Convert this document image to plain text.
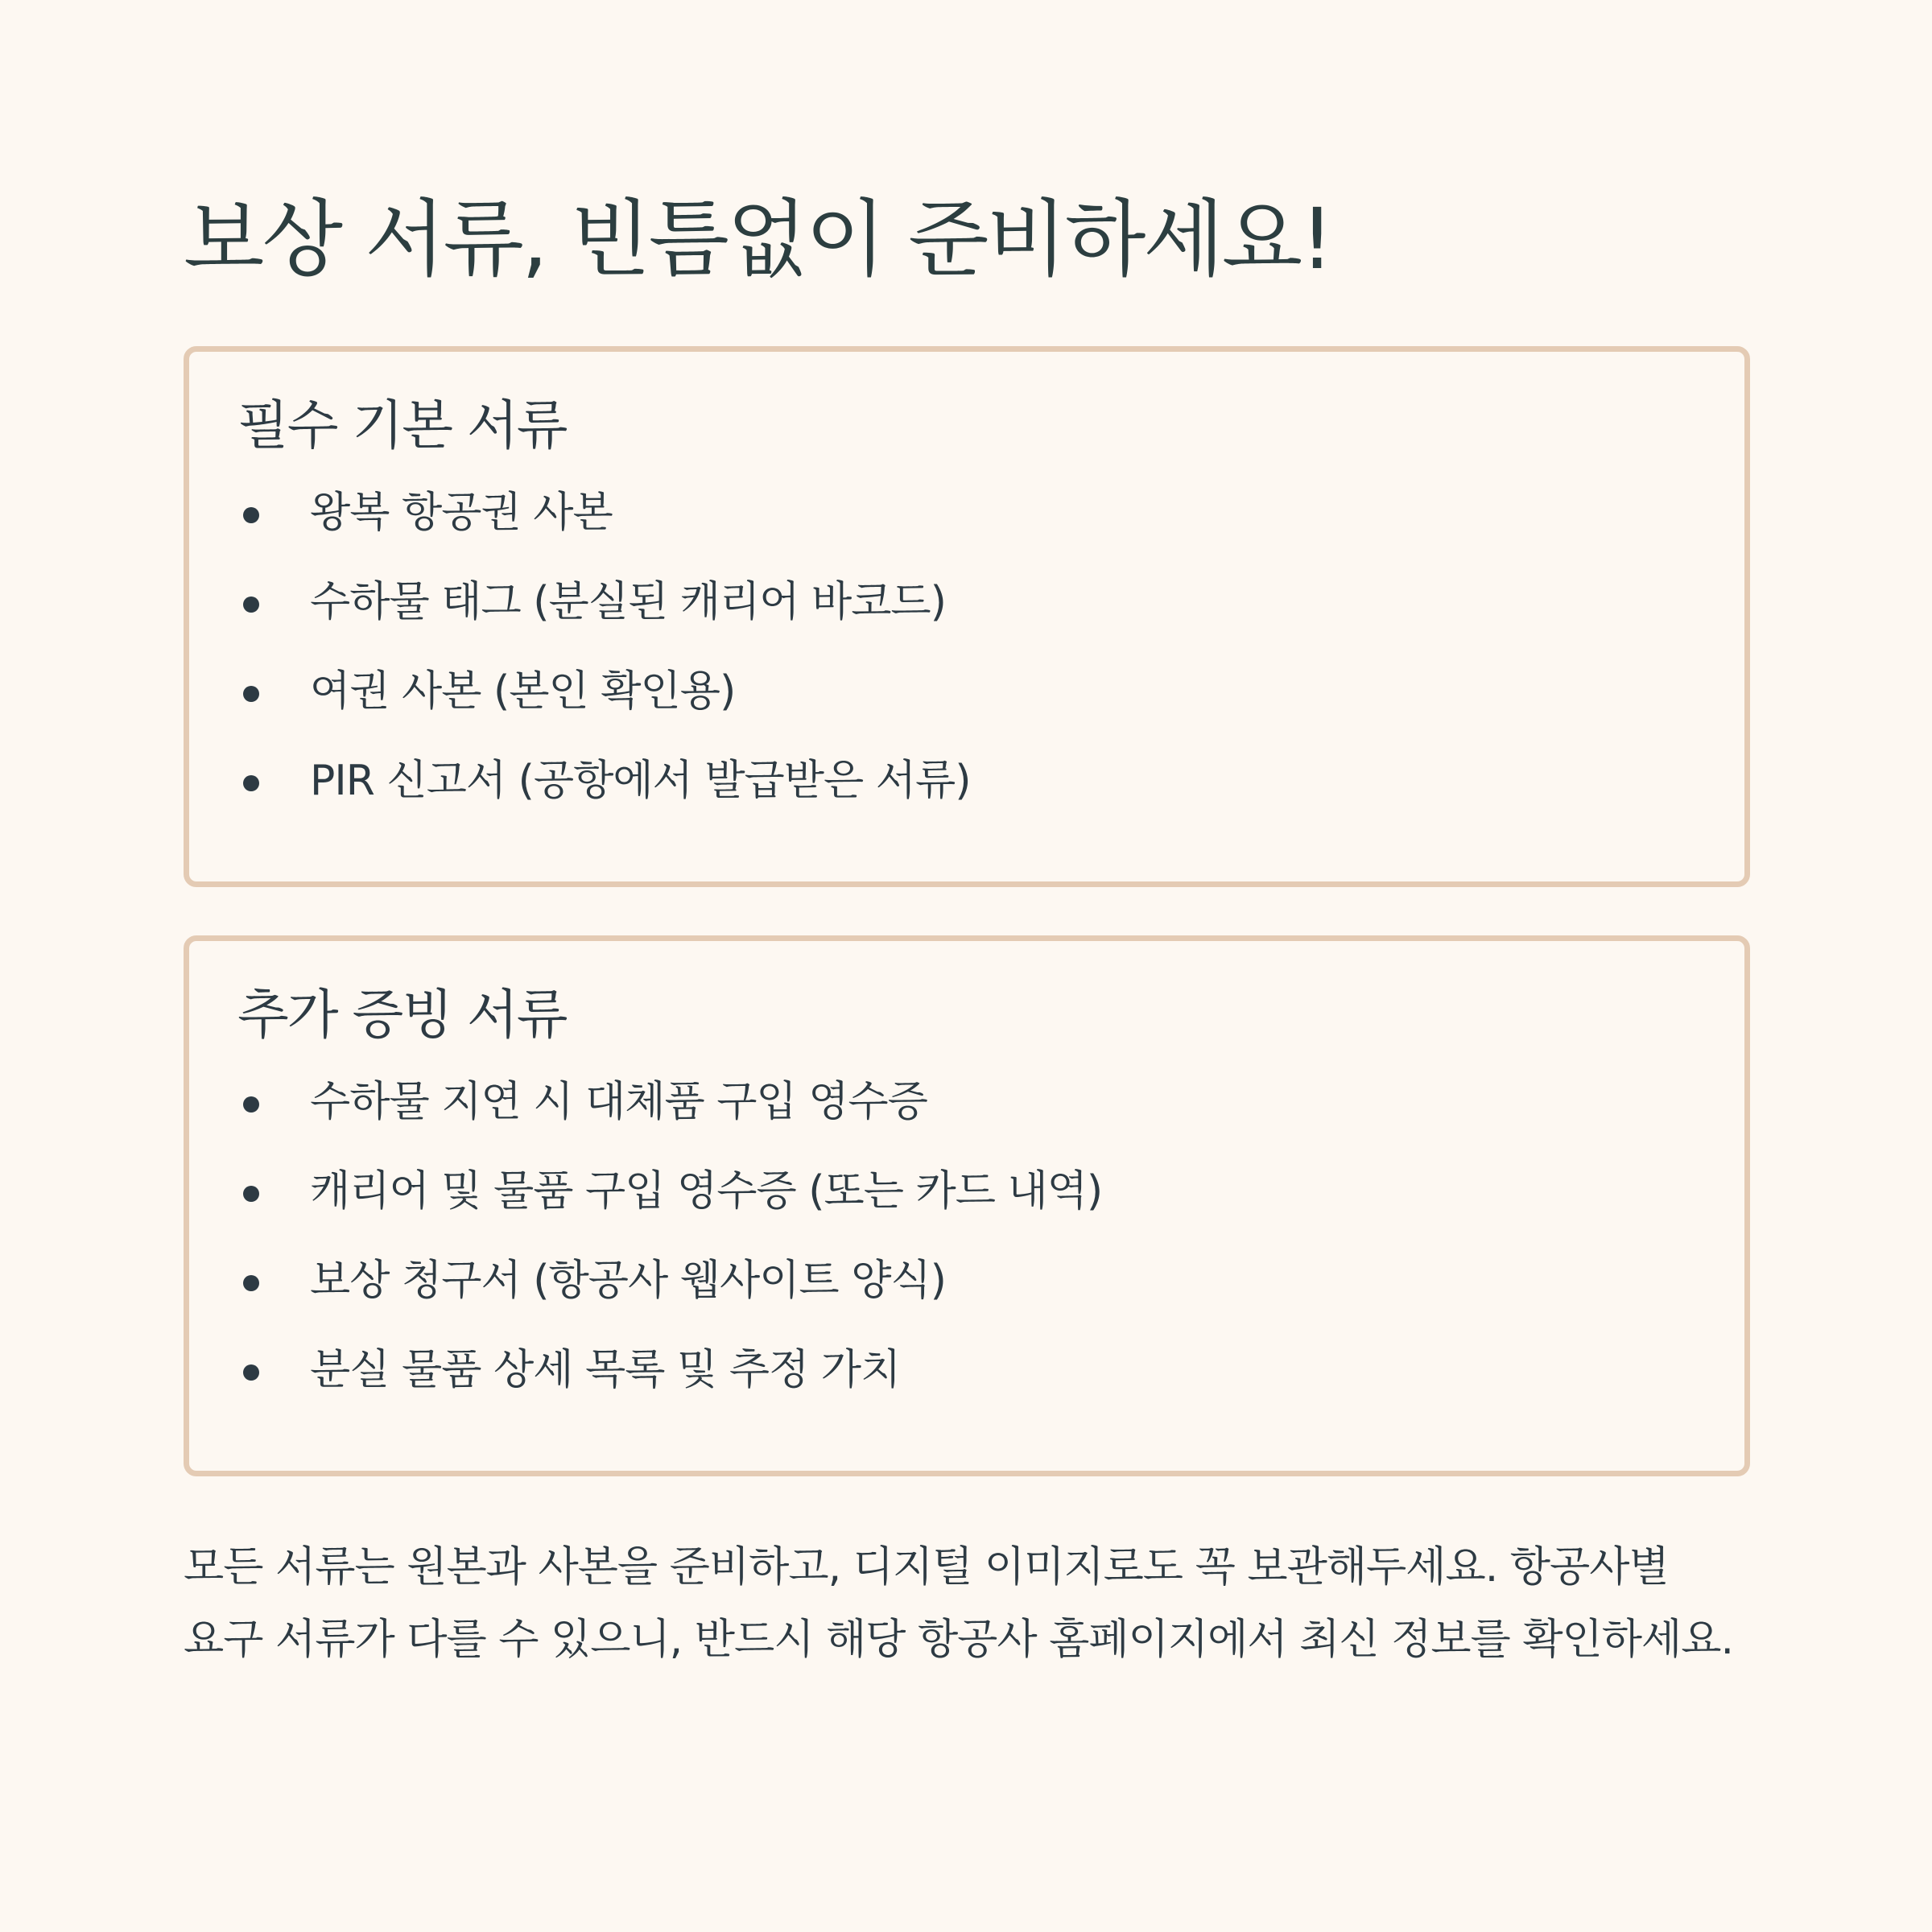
보상 서류, 빈틈없이 준비하세요!
필수 기본 서류
왕복 항공권 사본
수하물 태그 (분실된 캐리어 바코드)
여권 사본 (본인 확인용)
PIR 신고서 (공항에서 발급받은 서류)
추가 증빙 서류
수하물 지연 시 대체품 구입 영수증
캐리어 및 물품 구입 영수증 (또는 카드 내역)
보상 청구서 (항공사 웹사이트 양식)
분실 물품 상세 목록 및 추정 가치

모든 서류는 원본과 사본을 준비하고, 디지털 이미지로도 꼭 보관해두세요. 항공사별 요구 서류가 다를 수 있으니, 반드시 해당 항공사 홈페이지에서 최신 정보를 확인하세요.
